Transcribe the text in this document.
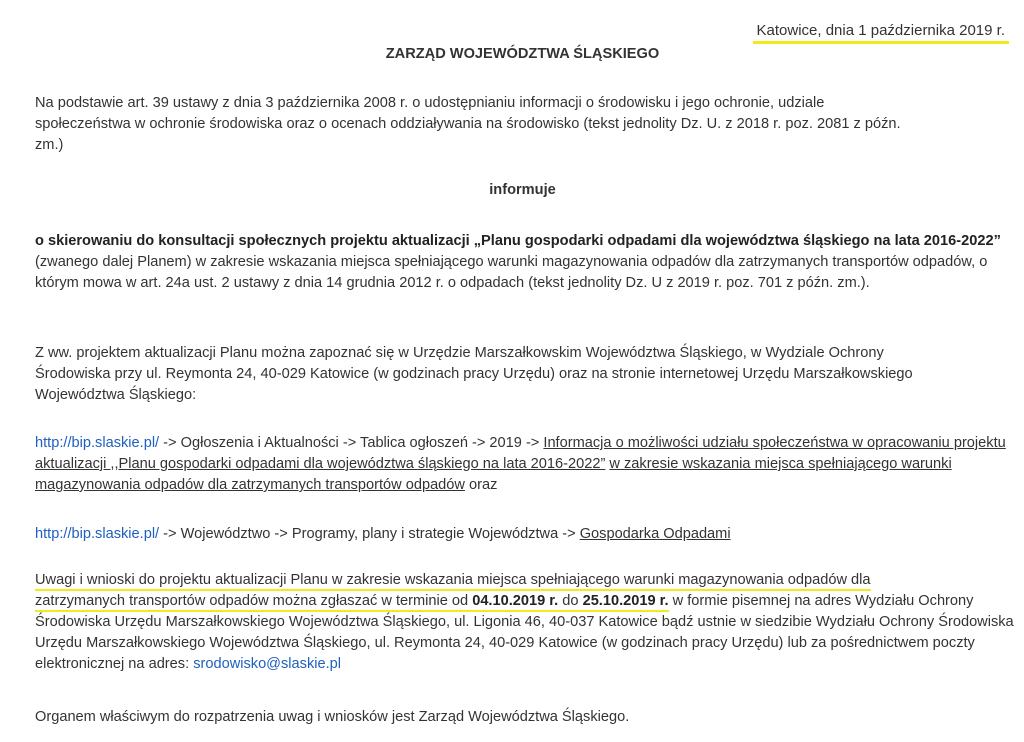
Katowice, dnia 1 października 2019 r.

ZARZĄD WOJEWÓDZTWA ŚLĄSKIEGO

Na podstawie art. 39 ustawy z dnia 3 października 2008 r. o udostępnianiu informacji o środowisku i jego ochronie, udziale
społeczeństwa w ochronie środowiska oraz o ocenach oddziaływania na środowisko (tekst jednolity Dz. U. z 2018 r. poz. 2081 z późn.
zm.)

informuje

o skierowaniu do konsultacji społecznych projektu aktualizacji „Planu gospodarki odpadami dla województwa śląskiego na lata 2016-2022” (zwanego dalej Planem) w zakresie wskazania miejsca spełniającego warunki magazynowania odpadów dla zatrzymanych transportów odpadów, o którym mowa w art. 24a ust. 2 ustawy z dnia 14 grudnia 2012 r. o odpadach (tekst jednolity Dz. U z 2019 r. poz. 701 z późn. zm.).

Z ww. projektem aktualizacji Planu można zapoznać się w Urzędzie Marszałkowskim Województwa Śląskiego, w Wydziale Ochrony Środowiska przy ul. Reymonta 24, 40-029 Katowice (w godzinach pracy Urzędu) oraz na stronie internetowej Urzędu Marszałkowskiego Województwa Śląskiego:

http://bip.slaskie.pl/ -> Ogłoszenia i Aktualności -> Tablica ogłoszeń -> 2019 -> Informacja o możliwości udziału społeczeństwa w opracowaniu projektu aktualizacji ,,Planu gospodarki odpadami dla województwa śląskiego na lata 2016-2022” w zakresie wskazania miejsca spełniającego warunki magazynowania odpadów dla zatrzymanych transportów odpadów oraz

http://bip.slaskie.pl/ -> Województwo -> Programy, plany i strategie Województwa -> Gospodarka Odpadami

Uwagi i wnioski do projektu aktualizacji Planu w zakresie wskazania miejsca spełniającego warunki magazynowania odpadów dla
zatrzymanych transportów odpadów można zgłaszać w terminie od 04.10.2019 r. do 25.10.2019 r. w formie pisemnej na adres Wydziału Ochrony Środowiska Urzędu Marszałkowskiego Województwa Śląskiego, ul. Ligonia 46, 40-037 Katowice bądź ustnie w siedzibie Wydziału Ochrony Środowiska Urzędu Marszałkowskiego Województwa Śląskiego, ul. Reymonta 24, 40-029 Katowice (w godzinach pracy Urzędu) lub za pośrednictwem poczty elektronicznej na adres: srodowisko@slaskie.pl

Organem właściwym do rozpatrzenia uwag i wniosków jest Zarząd Województwa Śląskiego.
